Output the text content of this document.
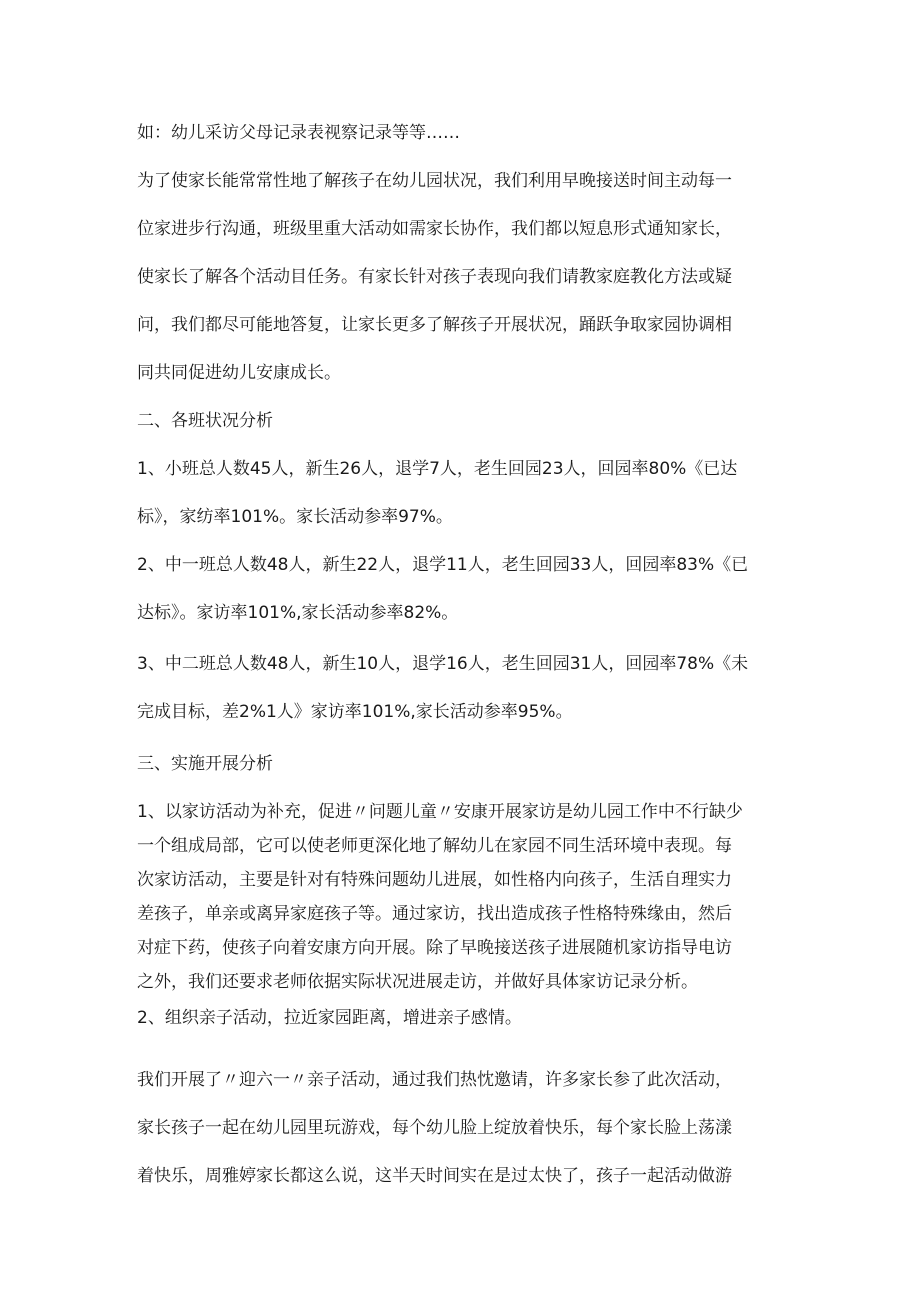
如：幼儿采访父母记录表视察记录等等……

为了使家长能常常性地了解孩子在幼儿园状况，我们利用早晚接送时间主动每一
位家进步行沟通，班级里重大活动如需家长协作，我们都以短息形式通知家长，
使家长了解各个活动目任务。有家长针对孩子表现向我们请教家庭教化方法或疑
问，我们都尽可能地答复，让家长更多了解孩子开展状况，踊跃争取家园协调相
同共同促进幼儿安康成长。

二、各班状况分析

1、小班总人数45人，新生26人，退学7人，老生回园23人，回园率80%《已达
标》，家纺率101%。家长活动参率97%。

2、中一班总人数48人，新生22人，退学11人，老生回园33人，回园率83%《已
达标》。家访率101%,家长活动参率82%。

3、中二班总人数48人，新生10人，退学16人，老生回园31人，回园率78%《未
完成目标，差2%1人》家访率101%,家长活动参率95%。

三、实施开展分析

1、以家访活动为补充，促进〃问题儿童〃安康开展家访是幼儿园工作中不行缺少
一个组成局部，它可以使老师更深化地了解幼儿在家园不同生活环境中表现。每
次家访活动，主要是针对有特殊问题幼儿进展，如性格内向孩子，生活自理实力
差孩子，单亲或离异家庭孩子等。通过家访，找出造成孩子性格特殊缘由，然后
对症下药，使孩子向着安康方向开展。除了早晚接送孩子进展随机家访指导电访
之外，我们还要求老师依据实际状况进展走访，并做好具体家访记录分析。

2、组织亲子活动，拉近家园距离，增进亲子感情。

我们开展了〃迎六一〃亲子活动，通过我们热忱邀请，许多家长参了此次活动，
家长孩子一起在幼儿园里玩游戏，每个幼儿脸上绽放着快乐，每个家长脸上荡漾
着快乐，周雅婷家长都这么说，这半天时间实在是过太快了，孩子一起活动做游
